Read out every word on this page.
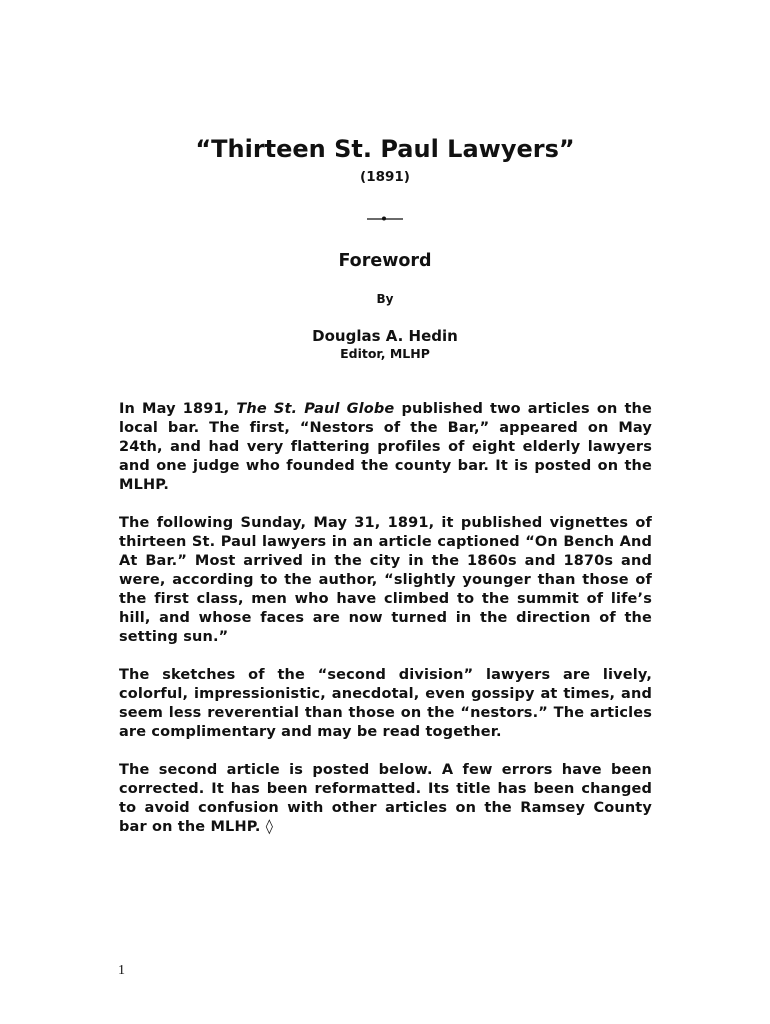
“Thirteen St. Paul Lawyers”
(1891)
Foreword
By
Douglas A. Hedin
Editor, MLHP

In May 1891, The St. Paul Globe published two articles on the local bar. The first, “Nestors of the Bar,” appeared on May 24th, and had very flattering profiles of eight elderly lawyers and one judge who founded the county bar. It is posted on the MLHP.

The following Sunday, May 31, 1891, it published vignettes of thirteen St. Paul lawyers in an article captioned “On Bench And At Bar.” Most arrived in the city in the 1860s and 1870s and were, according to the author, “slightly younger than those of the first class, men who have climbed to the summit of life’s hill, and whose faces are now turned in the direction of the setting sun.”

The sketches of the “second division” lawyers are lively, colorful, impressionistic, anecdotal, even gossipy at times, and seem less reverential than those on the “nestors.” The articles are complimentary and may be read together.

The second article is posted below. A few errors have been corrected. It has been reformatted. Its title has been changed to avoid confusion with other articles on the Ramsey County bar on the MLHP. ◊

1
